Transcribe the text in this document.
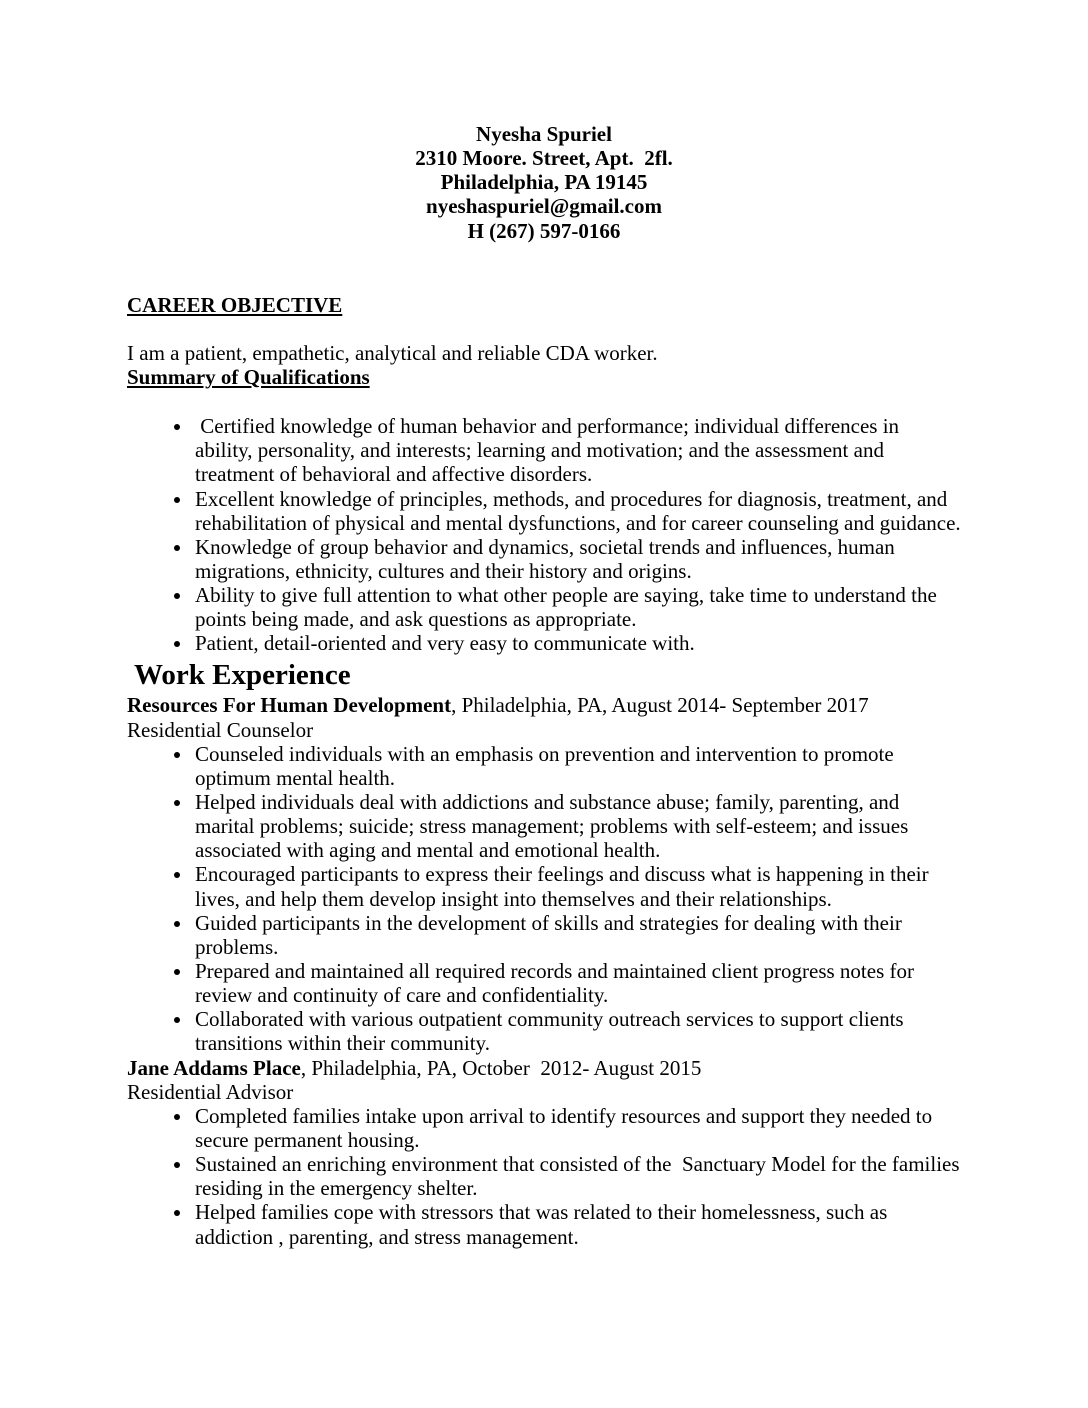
Nyesha Spuriel
2310 Moore. Street, Apt.  2fl.
Philadelphia, PA 19145
nyeshaspuriel@gmail.com
H (267) 597-0166

CAREER OBJECTIVE

I am a patient, empathetic, analytical and reliable CDA worker.

Summary of Qualifications

•  Certified knowledge of human behavior and performance; individual differences in ability, personality, and interests; learning and motivation; and the assessment and treatment of behavioral and affective disorders.
• Excellent knowledge of principles, methods, and procedures for diagnosis, treatment, and rehabilitation of physical and mental dysfunctions, and for career counseling and guidance.
• Knowledge of group behavior and dynamics, societal trends and influences, human migrations, ethnicity, cultures and their history and origins.
• Ability to give full attention to what other people are saying, take time to understand the points being made, and ask questions as appropriate.
• Patient, detail-oriented and very easy to communicate with.

Work Experience

Resources For Human Development, Philadelphia, PA, August 2014- September 2017

Residential Counselor

• Counseled individuals with an emphasis on prevention and intervention to promote optimum mental health.
• Helped individuals deal with addictions and substance abuse; family, parenting, and marital problems; suicide; stress management; problems with self-esteem; and issues associated with aging and mental and emotional health.
• Encouraged participants to express their feelings and discuss what is happening in their lives, and help them develop insight into themselves and their relationships.
• Guided participants in the development of skills and strategies for dealing with their problems.
• Prepared and maintained all required records and maintained client progress notes for review and continuity of care and confidentiality.
• Collaborated with various outpatient community outreach services to support clients transitions within their community.
Jane Addams Place, Philadelphia, PA, October  2012- August 2015

Residential Advisor

• Completed families intake upon arrival to identify resources and support they needed to secure permanent housing.
• Sustained an enriching environment that consisted of the  Sanctuary Model for the families residing in the emergency shelter.
• Helped families cope with stressors that was related to their homelessness, such as addiction , parenting, and stress management.
